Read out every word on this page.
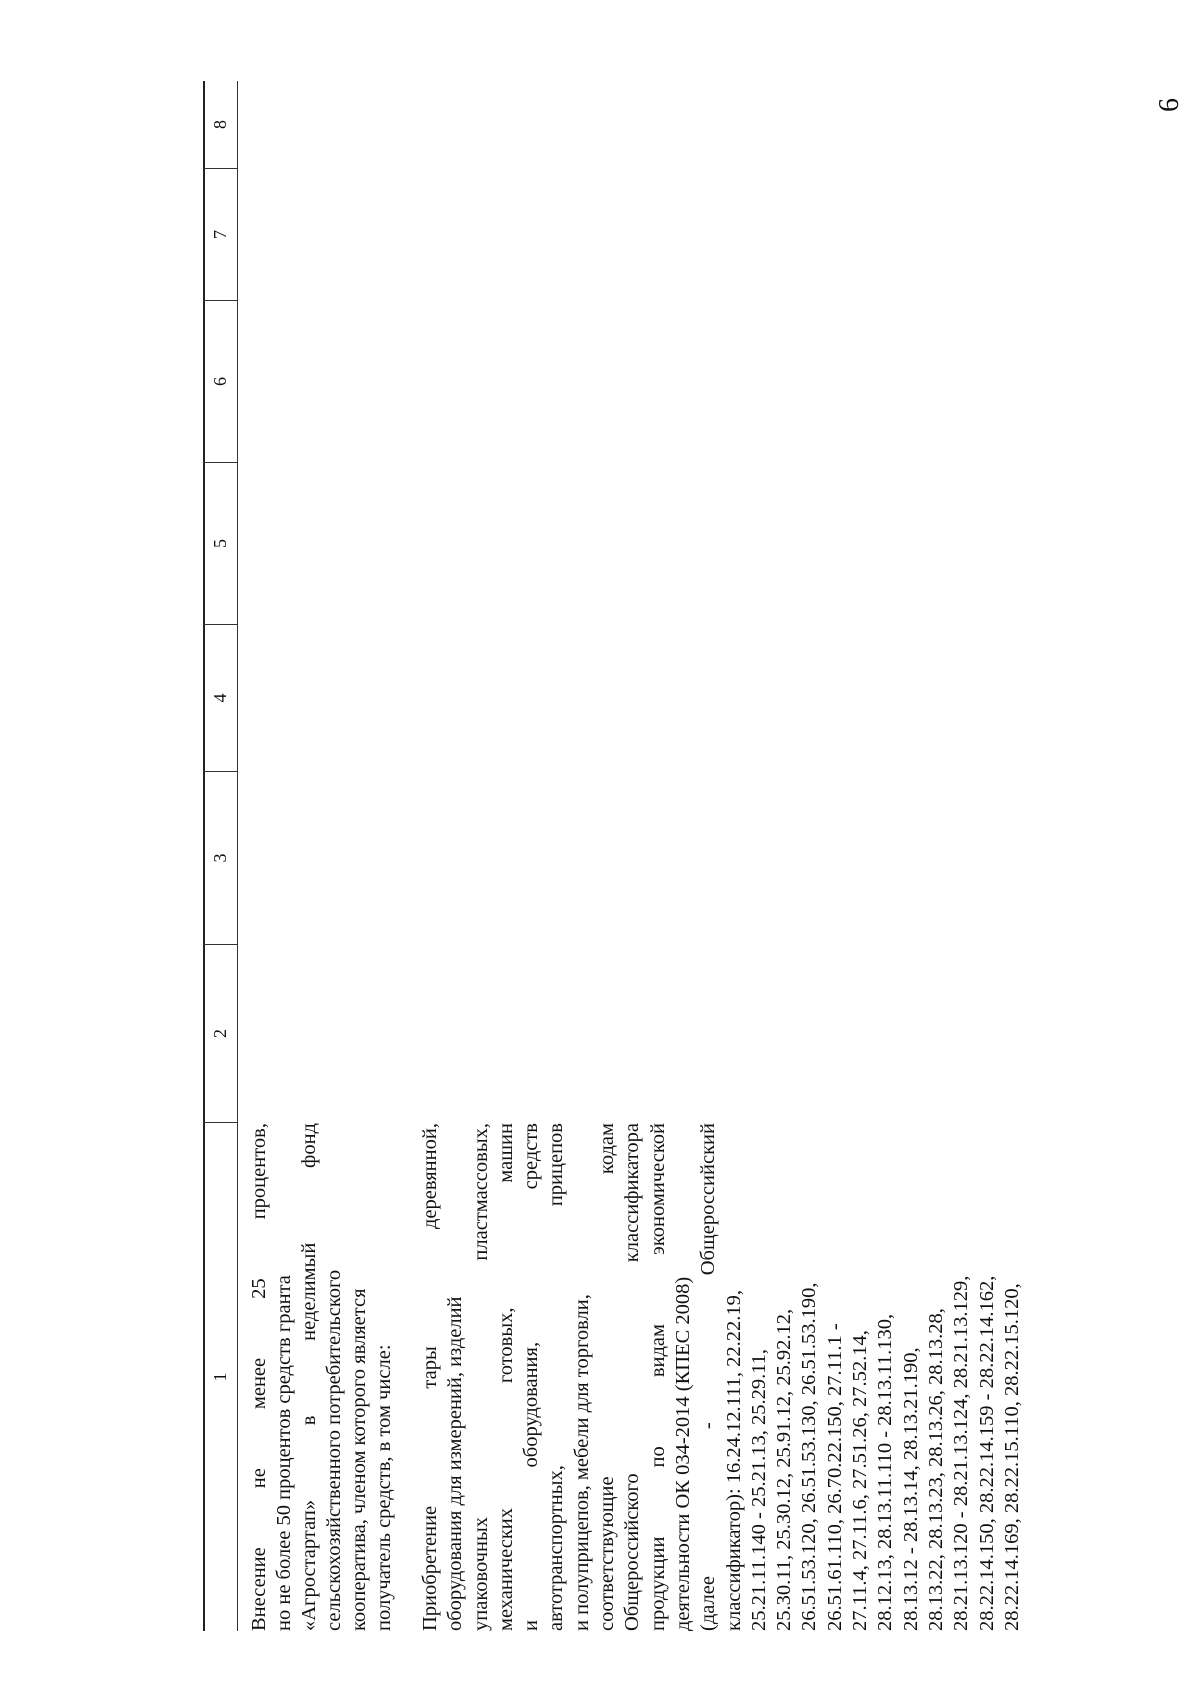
6
1
2
3
4
5
6
7
8
Внесение
не
менее
25
процентов,
но не более 50 процентов средств гранта «Агростартап»
в
неделимый
фонд
сельскохозяйственного потребительского кооператива, членом которого является получатель средств, в том числе: Приобретение
тары
деревянной,
оборудования для измерений, изделий упаковочных
пластмассовых,
механических
готовых,
машин
и
оборудования,
средств
автотранспортных,
прицепов
и полуприцепов, мебели для торговли, соответствующие
кодам
Общероссийского
классификатора
продукции
по
видам
экономической
деятельности ОК 034-2014 (КПЕС 2008) (далее
-
Общероссийский
классификатор): 16.24.12.111, 22.22.19, 25.21.11.140 - 25.21.13, 25.29.11, 25.30.11, 25.30.12, 25.91.12, 25.92.12, 26.51.53.120, 26.51.53.130, 26.51.53.190, 26.51.61.110, 26.70.22.150, 27.11.1 - 27.11.4, 27.11.6, 27.51.26, 27.52.14, 28.12.13, 28.13.11.110 - 28.13.11.130, 28.13.12 - 28.13.14, 28.13.21.190, 28.13.22, 28.13.23, 28.13.26, 28.13.28, 28.21.13.120 - 28.21.13.124, 28.21.13.129, 28.22.14.150, 28.22.14.159 - 28.22.14.162, 28.22.14.169, 28.22.15.110, 28.22.15.120,
